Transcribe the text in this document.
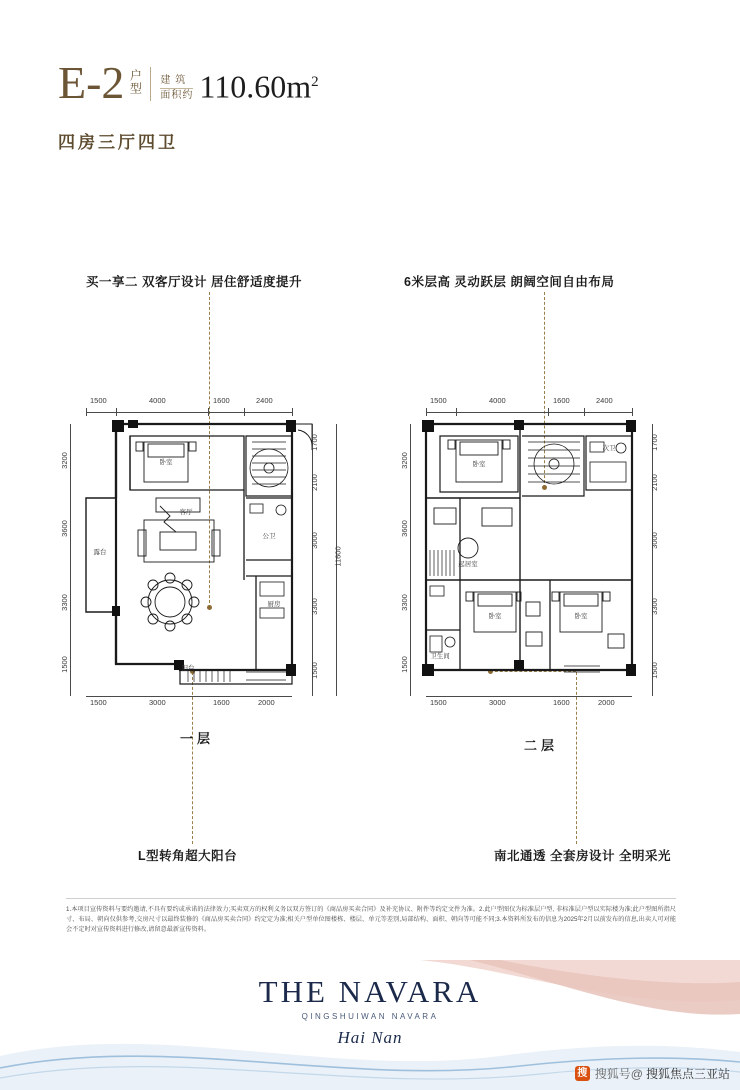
E-2 户型 建 筑
面积约 $110.60m^2$
四房三厅四卫
买一享二 双客厅设计 居住舒适度提升	6米层高 灵动跃层 朗阔空间自由布局
L型转角超大阳台	南北通透 全套房设计 全明采光
卧室
客厅
露台
公卫
厨房
阳台
1500	4000	1600	2400
1500	3000	1600	2000
3200
3600
3300
1500
1700
2100
3000
3300
1500
11600
一层
卧室
次卫
起居室
卧室	卧室
卫生间
1500	4000	1600	2400
1500	3000	1600	2000
3200
3600
3300
1500
1700
2100
3000
3300
1500
二层
1.本项目宣传资料与要约邀请,不具有要约或承诺的法律效力;买卖双方的权利义务以双方签订的《商品房买卖合同》及补充协议、附件等约定文件为准。2.此户型图仅为标准层户型, 非标准层户型以实际楼为准;此户型图所指尺寸、布局、朝向仅供参考,交房尺寸以最终装修的《商品房买卖合同》约定定为准;相关户型单位图楼栋、楼层、单元等差别,局部结构、面积、朝向等可能不同;3.本资料所发布的信息为2025年2月以前发布的信息,出卖人可对能会不定时对宣传资料进行修改,请留意最新宣传资料。
THE NAVARA
QINGSHUIWAN NAVARA
Hai Nan
搜 搜狐号@ 搜狐焦点三亚站
